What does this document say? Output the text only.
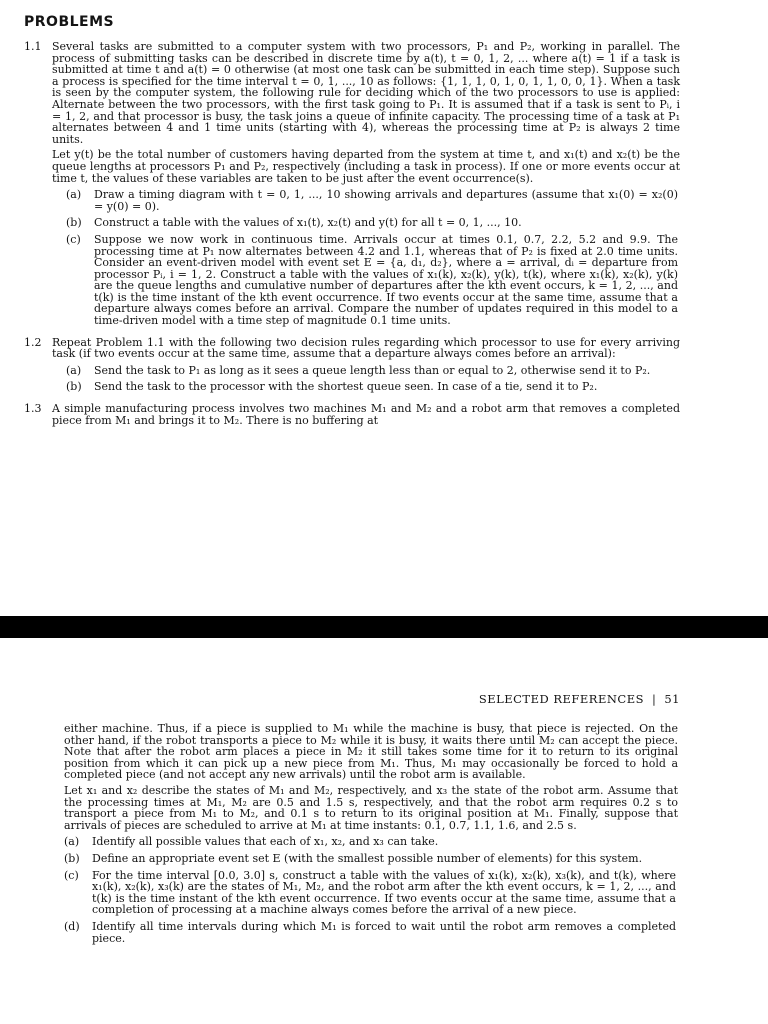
PROBLEMS
1.1 Several tasks are submitted to a computer system with two processors, P₁ and P₂, working in parallel. The process of submitting tasks can be described in discrete time by a(t), t = 0, 1, 2, ... where a(t) = 1 if a task is submitted at time t and a(t) = 0 otherwise (at most one task can be submitted in each time step). Suppose such a process is specified for the time interval t = 0, 1, ..., 10 as follows: {1, 1, 1, 0, 1, 0, 1, 1, 0, 0, 1}. When a task is seen by the computer system, the following rule for deciding which of the two processors to use is applied: Alternate between the two processors, with the first task going to P₁. It is assumed that if a task is sent to Pᵢ, i = 1, 2, and that processor is busy, the task joins a queue of infinite capacity. The processing time of a task at P₁ alternates between 4 and 1 time units (starting with 4), whereas the processing time at P₂ is always 2 time units.

Let y(t) be the total number of customers having departed from the system at time t, and x₁(t) and x₂(t) be the queue lengths at processors P₁ and P₂, respectively (including a task in process). If one or more events occur at time t, the values of these variables are taken to be just after the event occurrence(s).

(a) Draw a timing diagram with t = 0, 1, ..., 10 showing arrivals and departures (assume that x₁(0) = x₂(0) = y(0) = 0).
(b) Construct a table with the values of x₁(t), x₂(t) and y(t) for all t = 0, 1, ..., 10.
(c) Suppose we now work in continuous time. Arrivals occur at times 0.1, 0.7, 2.2, 5.2 and 9.9. The processing time at P₁ now alternates between 4.2 and 1.1, whereas that of P₂ is fixed at 2.0 time units. Consider an event-driven model with event set E = {a, d₁, d₂}, where a = arrival, dᵢ = departure from processor Pᵢ, i = 1, 2. Construct a table with the values of x₁(k), x₂(k), y(k), t(k), where x₁(k), x₂(k), y(k) are the queue lengths and cumulative number of departures after the kth event occurs, k = 1, 2, ..., and t(k) is the time instant of the kth event occurrence. If two events occur at the same time, assume that a departure always comes before an arrival. Compare the number of updates required in this model to a time-driven model with a time step of magnitude 0.1 time units.
1.2 Repeat Problem 1.1 with the following two decision rules regarding which processor to use for every arriving task (if two events occur at the same time, assume that a departure always comes before an arrival):

(a) Send the task to P₁ as long as it sees a queue length less than or equal to 2, otherwise send it to P₂.
(b) Send the task to the processor with the shortest queue seen. In case of a tie, send it to P₂.
1.3 A simple manufacturing process involves two machines M₁ and M₂ and a robot arm that removes a completed piece from M₁ and brings it to M₂. There is no buffering at

SELECTED REFERENCES | 51

either machine. Thus, if a piece is supplied to M₁ while the machine is busy, that piece is rejected. On the other hand, if the robot transports a piece to M₂ while it is busy, it waits there until M₂ can accept the piece. Note that after the robot arm places a piece in M₂ it still takes some time for it to return to its original position from which it can pick up a new piece from M₁. Thus, M₁ may occasionally be forced to hold a completed piece (and not accept any new arrivals) until the robot arm is available.

Let x₁ and x₂ describe the states of M₁ and M₂, respectively, and x₃ the state of the robot arm. Assume that the processing times at M₁, M₂ are 0.5 and 1.5 s, respectively, and that the robot arm requires 0.2 s to transport a piece from M₁ to M₂, and 0.1 s to return to its original position at M₁. Finally, suppose that arrivals of pieces are scheduled to arrive at M₁ at time instants: 0.1, 0.7, 1.1, 1.6, and 2.5 s.

(a) Identify all possible values that each of x₁, x₂, and x₃ can take.
(b) Define an appropriate event set E (with the smallest possible number of elements) for this system.
(c) For the time interval [0.0, 3.0] s, construct a table with the values of x₁(k), x₂(k), x₃(k), and t(k), where x₁(k), x₂(k), x₃(k) are the states of M₁, M₂, and the robot arm after the kth event occurs, k = 1, 2, ..., and t(k) is the time instant of the kth event occurrence. If two events occur at the same time, assume that a completion of processing at a machine always comes before the arrival of a new piece.
(d) Identify all time intervals during which M₁ is forced to wait until the robot arm removes a completed piece.
